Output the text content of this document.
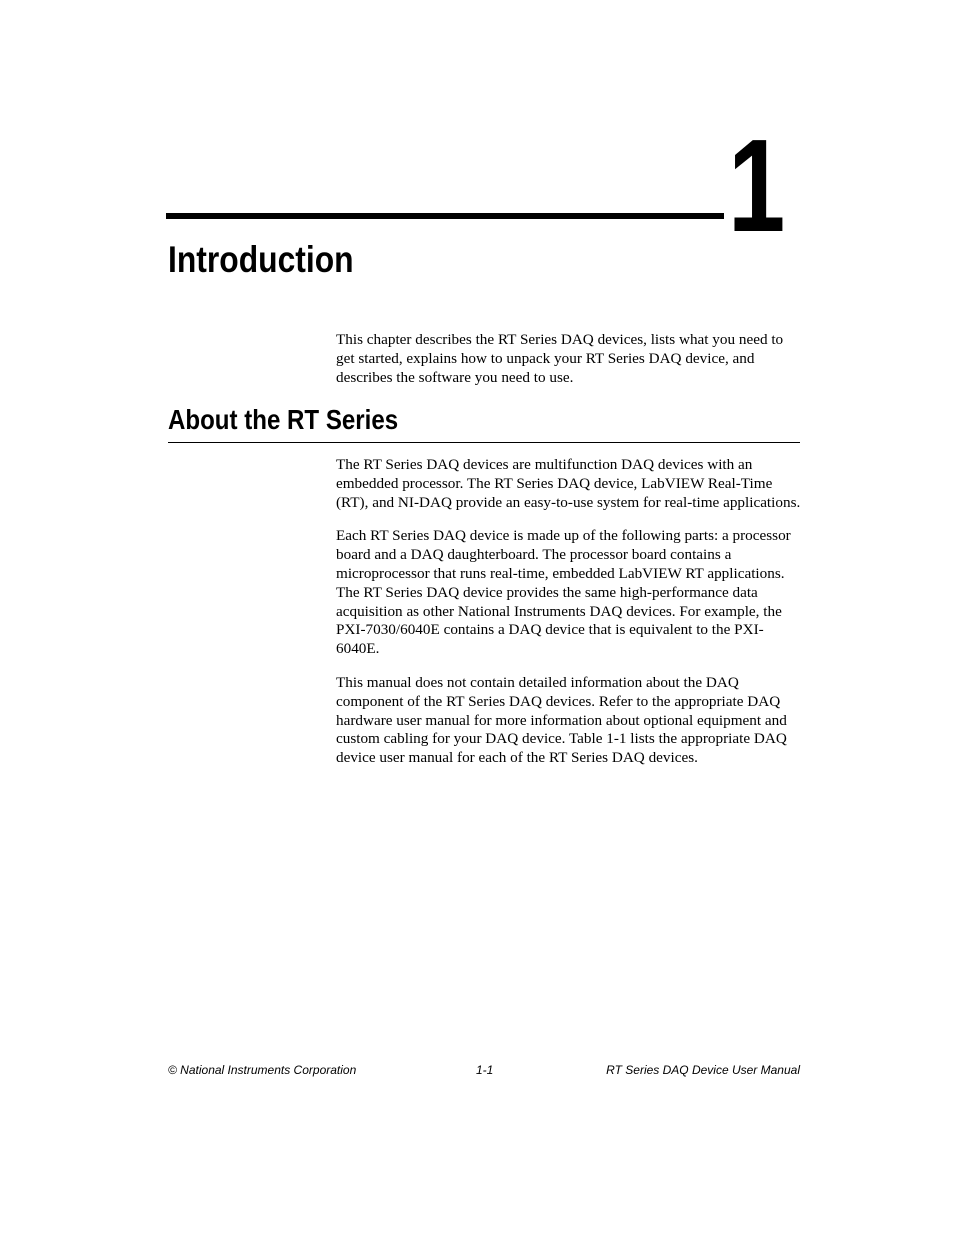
1
Introduction

This chapter describes the RT Series DAQ devices, lists what you need to get started, explains how to unpack your RT Series DAQ device, and describes the software you need to use.

About the RT Series

The RT Series DAQ devices are multifunction DAQ devices with an embedded processor. The RT Series DAQ device, LabVIEW Real-Time (RT), and NI-DAQ provide an easy-to-use system for real-time applications.

Each RT Series DAQ device is made up of the following parts: a processor board and a DAQ daughterboard. The processor board contains a microprocessor that runs real-time, embedded LabVIEW RT applications. The RT Series DAQ device provides the same high-performance data acquisition as other National Instruments DAQ devices. For example, the PXI-7030/6040E contains a DAQ device that is equivalent to the PXI-6040E.

This manual does not contain detailed information about the DAQ component of the RT Series DAQ devices. Refer to the appropriate DAQ hardware user manual for more information about optional equipment and custom cabling for your DAQ device. Table 1-1 lists the appropriate DAQ device user manual for each of the RT Series DAQ devices.

© National Instruments Corporation	1-1	RT Series DAQ Device User Manual
